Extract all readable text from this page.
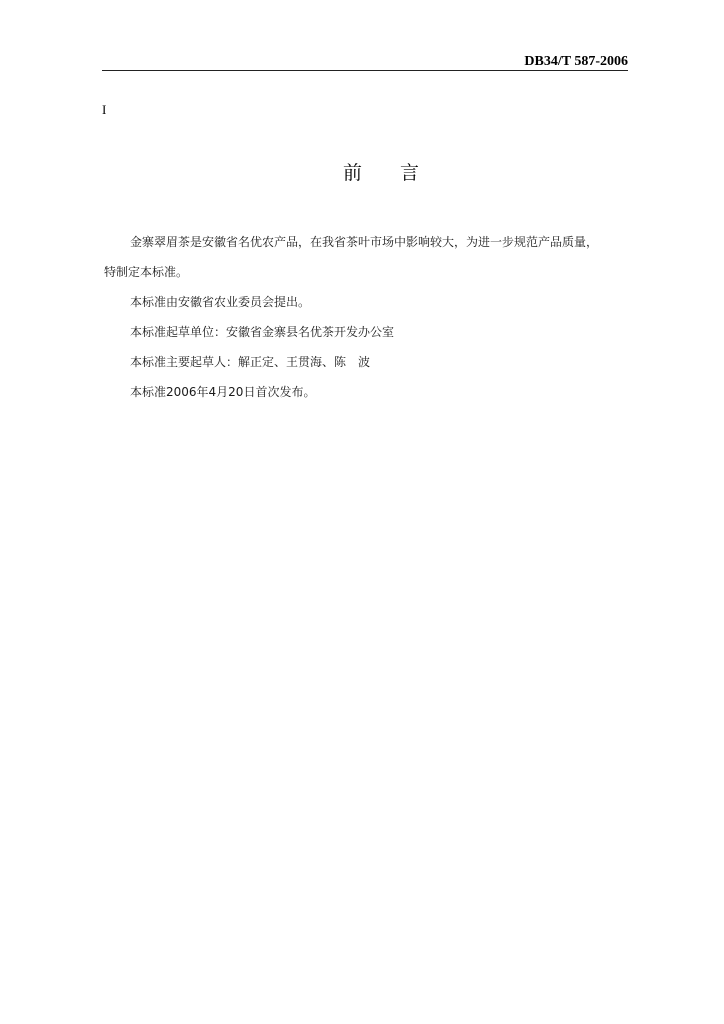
DB34/T 587-2006
I
前言

金寨翠眉茶是安徽省名优农产品，在我省茶叶市场中影响较大，为进一步规范产品质量，
特制定本标准。

本标准由安徽省农业委员会提出。

本标准起草单位：安徽省金寨县名优茶开发办公室

本标准主要起草人：解正定、王贯海、陈　波

本标准2006年4月20日首次发布。
